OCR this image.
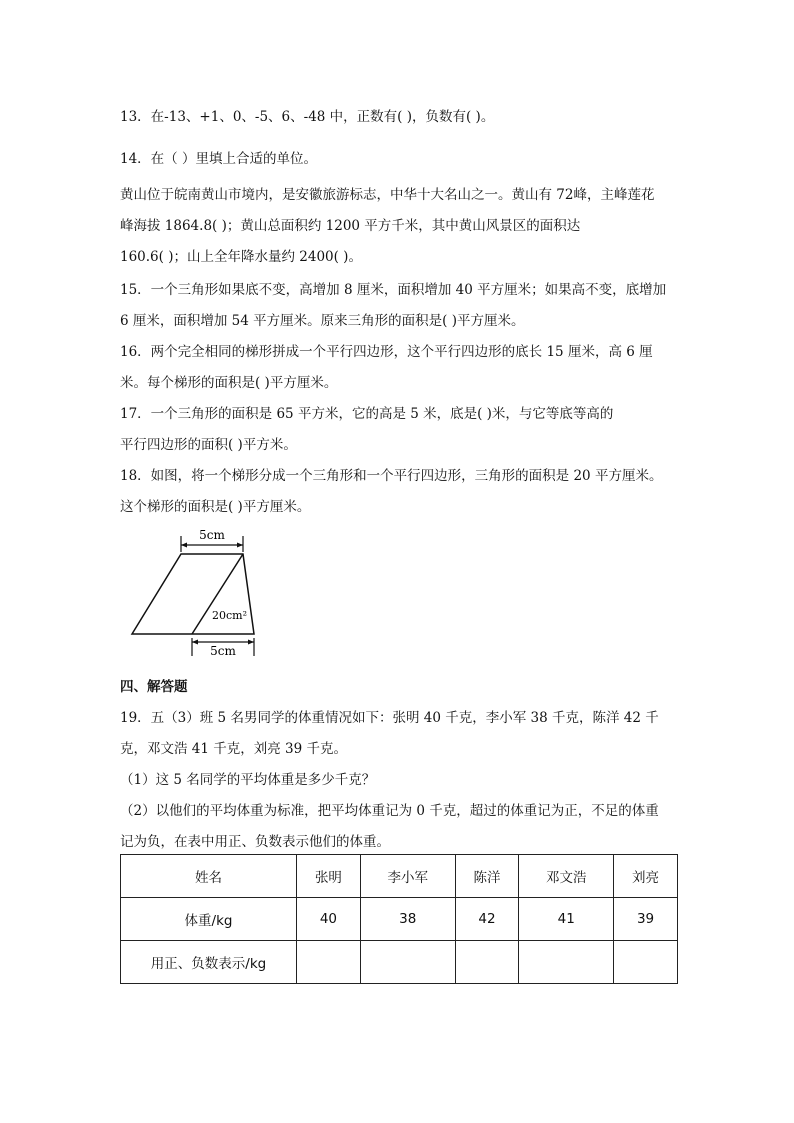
13．在-13、+1、0、-5、6、-48 中，正数有( )，负数有( )。
14．在（ ）里填上合适的单位。
黄山位于皖南黄山市境内，是安徽旅游标志，中华十大名山之一。黄山有 72峰，主峰莲花
峰海拔 1864.8( )；黄山总面积约 1200 平方千米，其中黄山风景区的面积达
160.6( )；山上全年降水量约 2400( )。
15．一个三角形如果底不变，高增加 8 厘米，面积增加 40 平方厘米；如果高不变，底增加
6 厘米，面积增加 54 平方厘米。原来三角形的面积是( )平方厘米。
16．两个完全相同的梯形拼成一个平行四边形，这个平行四边形的底长 15 厘米，高 6 厘
米。每个梯形的面积是( )平方厘米。
17．一个三角形的面积是 65 平方米，它的高是 5 米，底是( )米，与它等底等高的
平行四边形的面积( )平方米。
18．如图，将一个梯形分成一个三角形和一个平行四边形，三角形的面积是 20 平方厘米。
这个梯形的面积是( )平方厘米。
5cm
20cm²
5cm
四、解答题
19．五（3）班 5 名男同学的体重情况如下：张明 40 千克，李小军 38 千克，陈洋 42 千
克，邓文浩 41 千克，刘亮 39 千克。
（1）这 5 名同学的平均体重是多少千克？
（2）以他们的平均体重为标准，把平均体重记为 0 千克，超过的体重记为正，不足的体重
记为负，在表中用正、负数表示他们的体重。
姓名	张明	李小军	陈洋	邓文浩	刘亮
体重/kg	40	38	42	41	39
用正、负数表示/kg					
